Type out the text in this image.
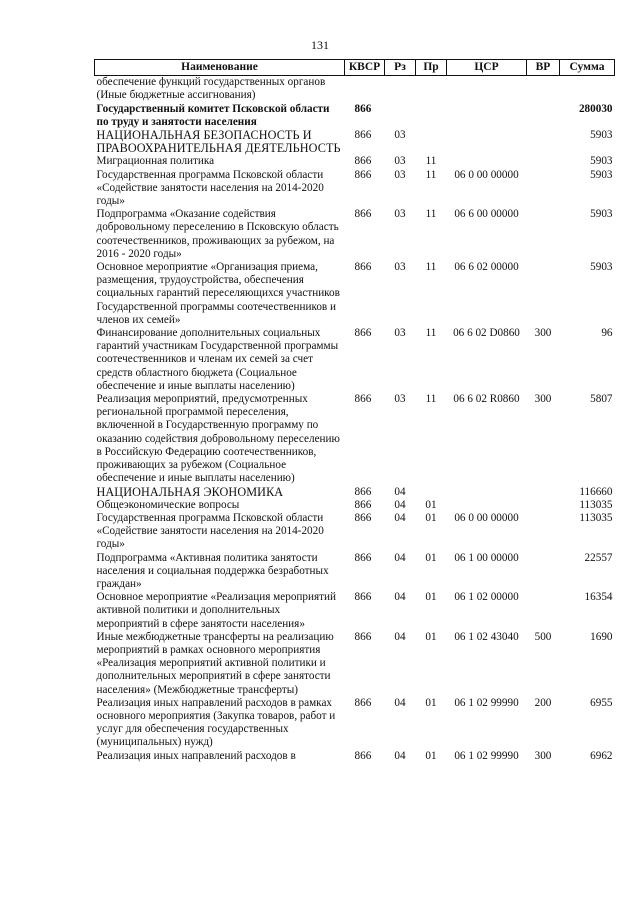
131
Наименование	КВСР	Рз	Пр	ЦСР	ВР	Сумма
обеспечение функций государственных органов (Иные бюджетные ассигнования)						
Государственный комитет Псковской области по труду и занятости населения	866					280030
НАЦИОНАЛЬНАЯ БЕЗОПАСНОСТЬ И ПРАВООХРАНИТЕЛЬНАЯ ДЕЯТЕЛЬНОСТЬ	866	03				5903
Миграционная политика	866	03	11			5903
Государственная программа Псковской области «Содействие занятости населения на 2014-2020 годы»	866	03	11	06 0 00 00000		5903
Подпрограмма «Оказание содействия добровольному переселению в Псковскую область соотечественников, проживающих за рубежом, на 2016 - 2020 годы»	866	03	11	06 6 00 00000		5903
Основное мероприятие «Организация приема, размещения, трудоустройства, обеспечения социальных гарантий переселяющихся участников Государственной программы соотечественников и членов их семей»	866	03	11	06 6 02 00000		5903
Финансирование дополнительных социальных гарантий участникам Государственной программы соотечественников и членам их семей за счет средств областного бюджета (Социальное обеспечение и иные выплаты населению)	866	03	11	06 6 02 D0860	300	96
Реализация мероприятий, предусмотренных региональной программой переселения, включенной в Государственную программу по оказанию содействия добровольному переселению в Российскую Федерацию соотечественников, проживающих за рубежом (Социальное обеспечение и иные выплаты населению)	866	03	11	06 6 02 R0860	300	5807
НАЦИОНАЛЬНАЯ ЭКОНОМИКА	866	04				116660
Общеэкономические вопросы	866	04	01			113035
Государственная программа Псковской области «Содействие занятости населения на 2014-2020 годы»	866	04	01	06 0 00 00000		113035
Подпрограмма «Активная политика занятости населения и социальная поддержка безработных граждан»	866	04	01	06 1 00 00000		22557
Основное мероприятие «Реализация мероприятий активной политики и дополнительных мероприятий в сфере занятости населения»	866	04	01	06 1 02 00000		16354
Иные межбюджетные трансферты на реализацию мероприятий в рамках основного мероприятия «Реализация мероприятий активной политики и дополнительных мероприятий в сфере занятости населения» (Межбюджетные трансферты)	866	04	01	06 1 02 43040	500	1690
Реализация иных направлений расходов в рамках основного мероприятия (Закупка товаров, работ и услуг для обеспечения государственных (муниципальных) нужд)	866	04	01	06 1 02 99990	200	6955
Реализация иных направлений расходов в	866	04	01	06 1 02 99990	300	6962
